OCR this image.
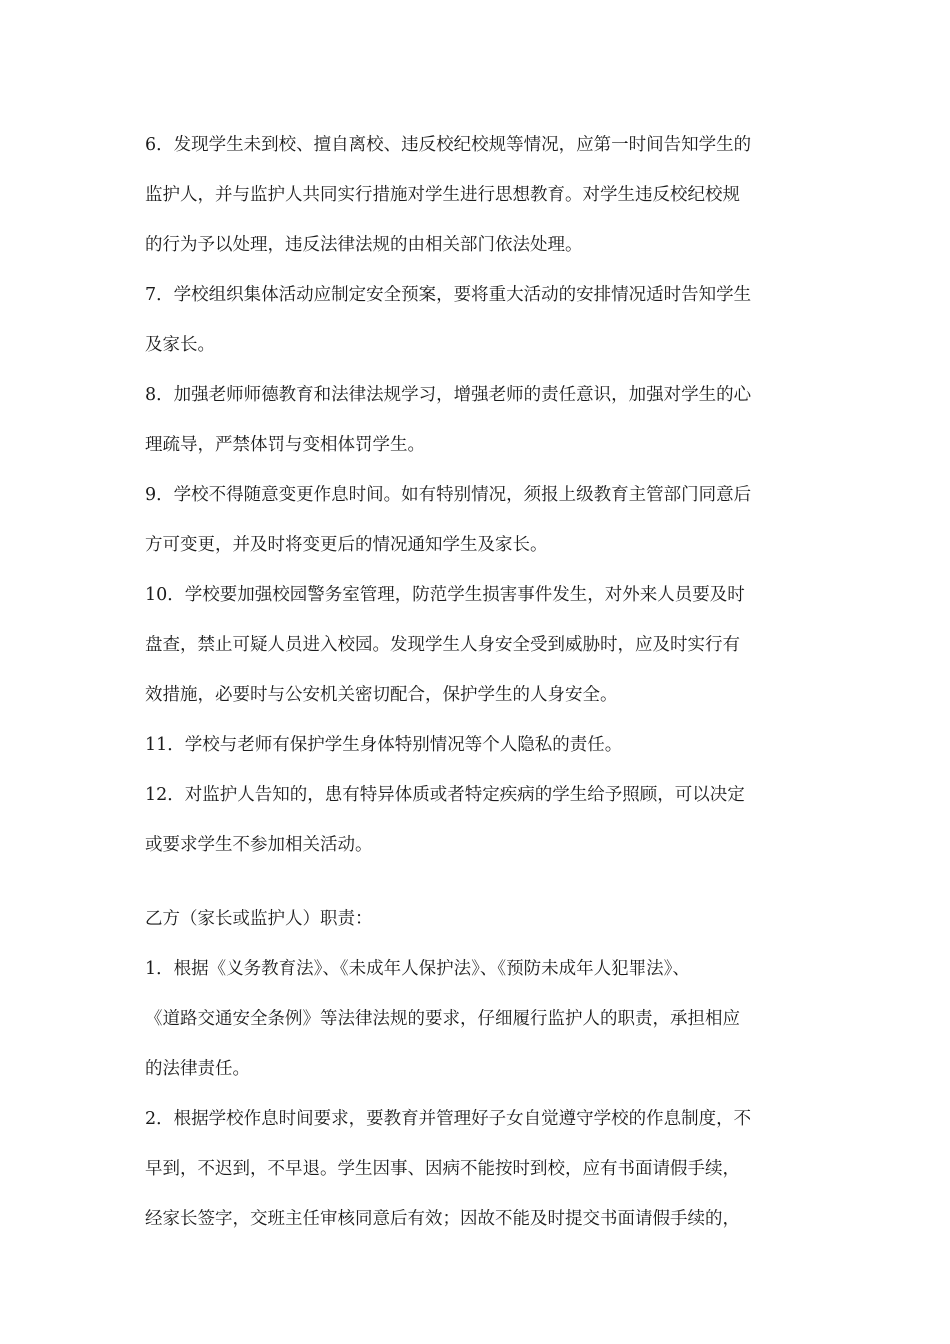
6．发现学生未到校、擅自离校、违反校纪校规等情况，应第一时间告知学生的
监护人，并与监护人共同实行措施对学生进行思想教育。对学生违反校纪校规
的行为予以处理，违反法律法规的由相关部门依法处理。
7．学校组织集体活动应制定安全预案，要将重大活动的安排情况适时告知学生
及家长。
8．加强老师师德教育和法律法规学习，增强老师的责任意识，加强对学生的心
理疏导，严禁体罚与变相体罚学生。
9．学校不得随意变更作息时间。如有特别情况，须报上级教育主管部门同意后
方可变更，并及时将变更后的情况通知学生及家长。
10．学校要加强校园警务室管理，防范学生损害事件发生，对外来人员要及时
盘查，禁止可疑人员进入校园。发现学生人身安全受到威胁时，应及时实行有
效措施，必要时与公安机关密切配合，保护学生的人身安全。
11．学校与老师有保护学生身体特别情况等个人隐私的责任。
12．对监护人告知的，患有特异体质或者特定疾病的学生给予照顾，可以决定
或要求学生不参加相关活动。
乙方（家长或监护人）职责：
1．根据《义务教育法》、《未成年人保护法》、《预防未成年人犯罪法》、
《道路交通安全条例》等法律法规的要求，仔细履行监护人的职责，承担相应
的法律责任。
2．根据学校作息时间要求，要教育并管理好子女自觉遵守学校的作息制度，不
早到，不迟到，不早退。学生因事、因病不能按时到校，应有书面请假手续，
经家长签字，交班主任审核同意后有效；因故不能及时提交书面请假手续的，
